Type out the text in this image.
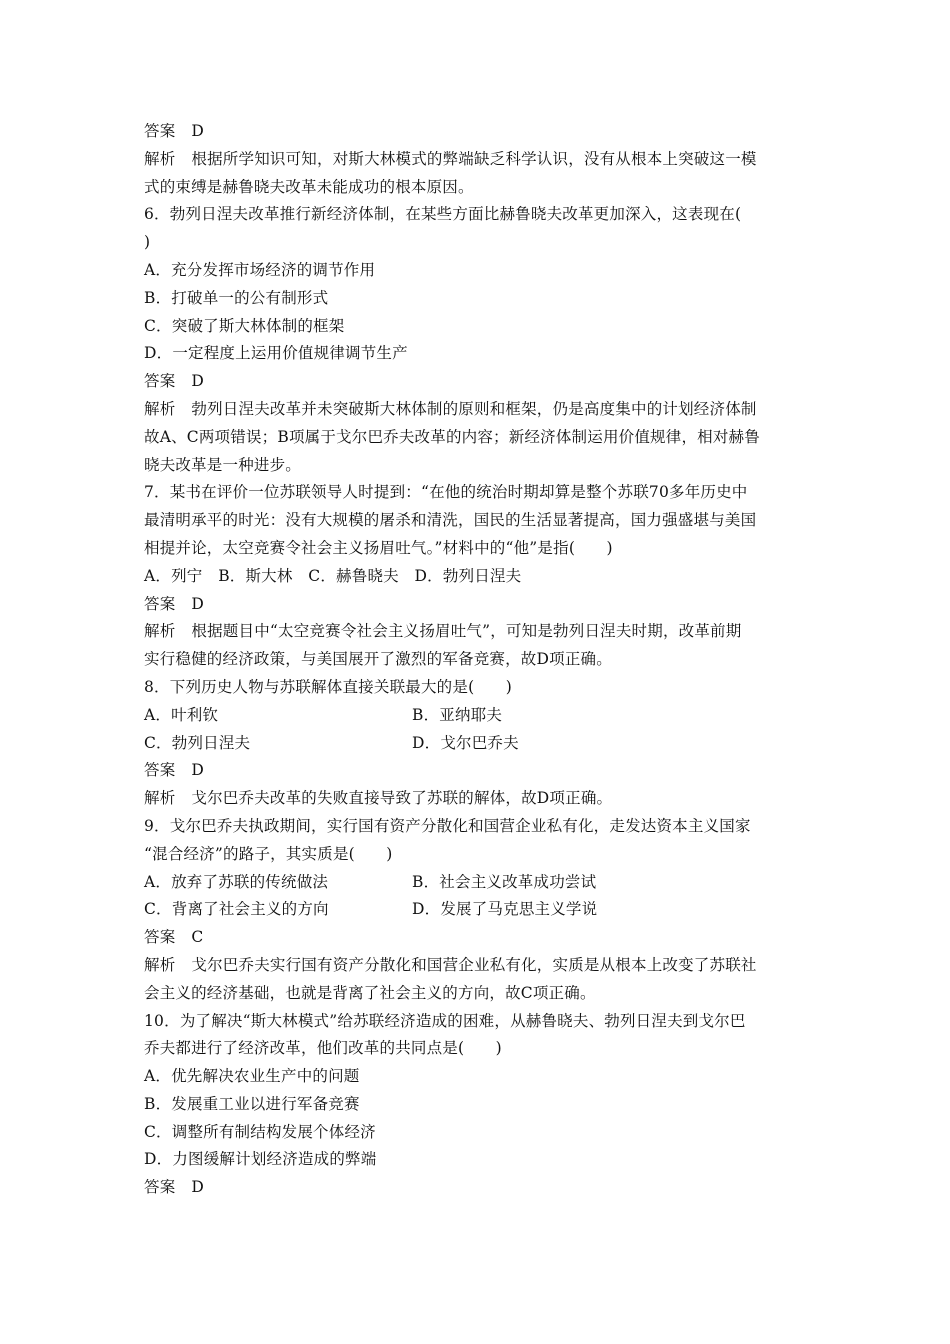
答案 D
解析 根据所学知识可知，对斯大林模式的弊端缺乏科学认识，没有从根本上突破这一模
式的束缚是赫鲁晓夫改革未能成功的根本原因。
6．勃列日涅夫改革推行新经济体制，在某些方面比赫鲁晓夫改革更加深入，这表现在(
)
A．充分发挥市场经济的调节作用
B．打破单一的公有制形式
C．突破了斯大林体制的框架
D．一定程度上运用价值规律调节生产
答案 D
解析 勃列日涅夫改革并未突破斯大林体制的原则和框架，仍是高度集中的计划经济体制
故A、C两项错误；B项属于戈尔巴乔夫改革的内容；新经济体制运用价值规律，相对赫鲁
晓夫改革是一种进步。
7．某书在评价一位苏联领导人时提到：“在他的统治时期却算是整个苏联70多年历史中
最清明承平的时光：没有大规模的屠杀和清洗，国民的生活显著提高，国力强盛堪与美国
相提并论，太空竞赛令社会主义扬眉吐气。”材料中的“他”是指(　　)
A．列宁　B．斯大林　C．赫鲁晓夫　D．勃列日涅夫
答案 D
解析 根据题目中“太空竞赛令社会主义扬眉吐气”，可知是勃列日涅夫时期，改革前期
实行稳健的经济政策，与美国展开了激烈的军备竞赛，故D项正确。
8．下列历史人物与苏联解体直接关联最大的是(　　)
A．叶利钦	B．亚纳耶夫
C．勃列日涅夫	D．戈尔巴乔夫
答案 D
解析 戈尔巴乔夫改革的失败直接导致了苏联的解体，故D项正确。
9．戈尔巴乔夫执政期间，实行国有资产分散化和国营企业私有化，走发达资本主义国家
“混合经济”的路子，其实质是(　　)
A．放弃了苏联的传统做法	B．社会主义改革成功尝试
C．背离了社会主义的方向	D．发展了马克思主义学说
答案 C
解析 戈尔巴乔夫实行国有资产分散化和国营企业私有化，实质是从根本上改变了苏联社
会主义的经济基础，也就是背离了社会主义的方向，故C项正确。
10．为了解决“斯大林模式”给苏联经济造成的困难，从赫鲁晓夫、勃列日涅夫到戈尔巴
乔夫都进行了经济改革，他们改革的共同点是(　　)
A．优先解决农业生产中的问题
B．发展重工业以进行军备竞赛
C．调整所有制结构发展个体经济
D．力图缓解计划经济造成的弊端
答案 D
